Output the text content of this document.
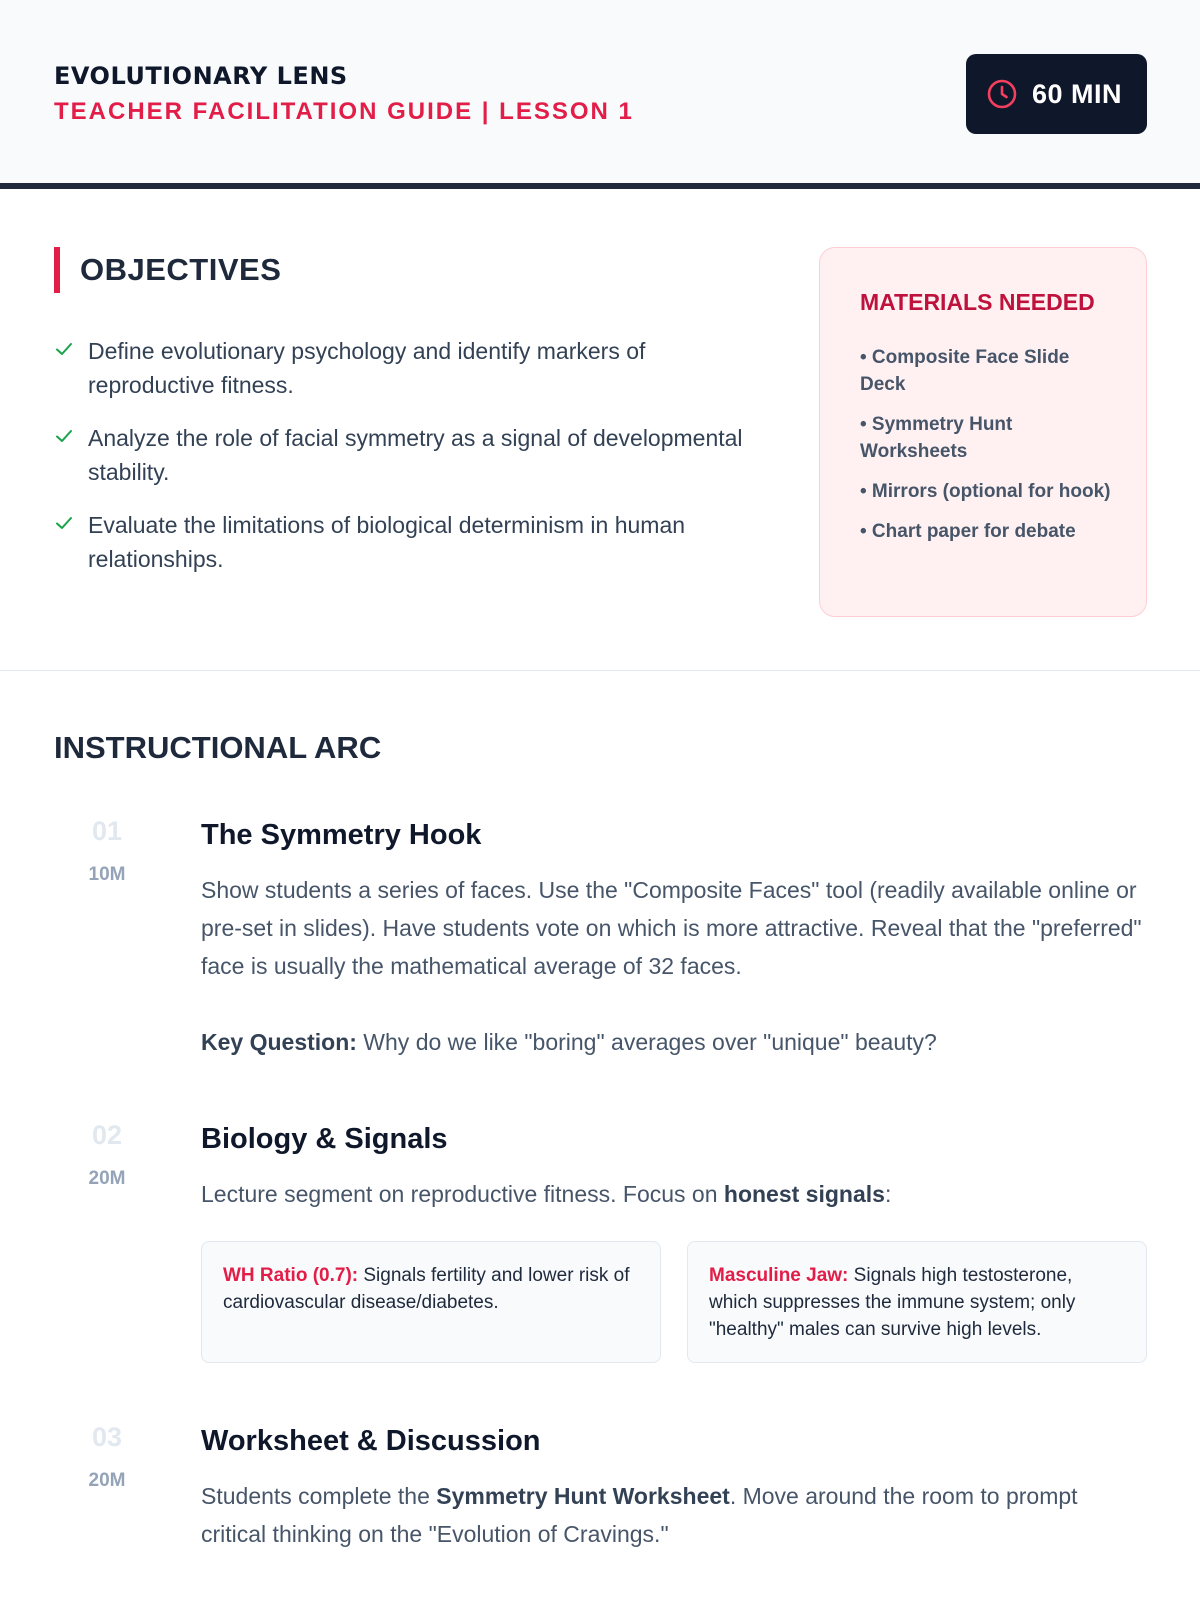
EVOLUTIONARY LENS
TEACHER FACILITATION GUIDE | LESSON 1
60 MIN
OBJECTIVES
Define evolutionary psychology and identify markers of reproductive fitness.
Analyze the role of facial symmetry as a signal of developmental stability.
Evaluate the limitations of biological determinism in human relationships.
MATERIALS NEEDED
• Composite Face Slide Deck
• Symmetry Hunt Worksheets
• Mirrors (optional for hook)
• Chart paper for debate
INSTRUCTIONAL ARC
01
10M
The Symmetry Hook
Show students a series of faces. Use the "Composite Faces" tool (readily available online or pre-set in slides). Have students vote on which is more attractive. Reveal that the "preferred" face is usually the mathematical average of 32 faces.
Key Question: Why do we like "boring" averages over "unique" beauty?
02
20M
Biology & Signals
Lecture segment on reproductive fitness. Focus on honest signals:
WH Ratio (0.7): Signals fertility and lower risk of cardiovascular disease/diabetes.
Masculine Jaw: Signals high testosterone, which suppresses the immune system; only "healthy" males can survive high levels.
03
20M
Worksheet & Discussion
Students complete the Symmetry Hunt Worksheet. Move around the room to prompt critical thinking on the "Evolution of Cravings."
